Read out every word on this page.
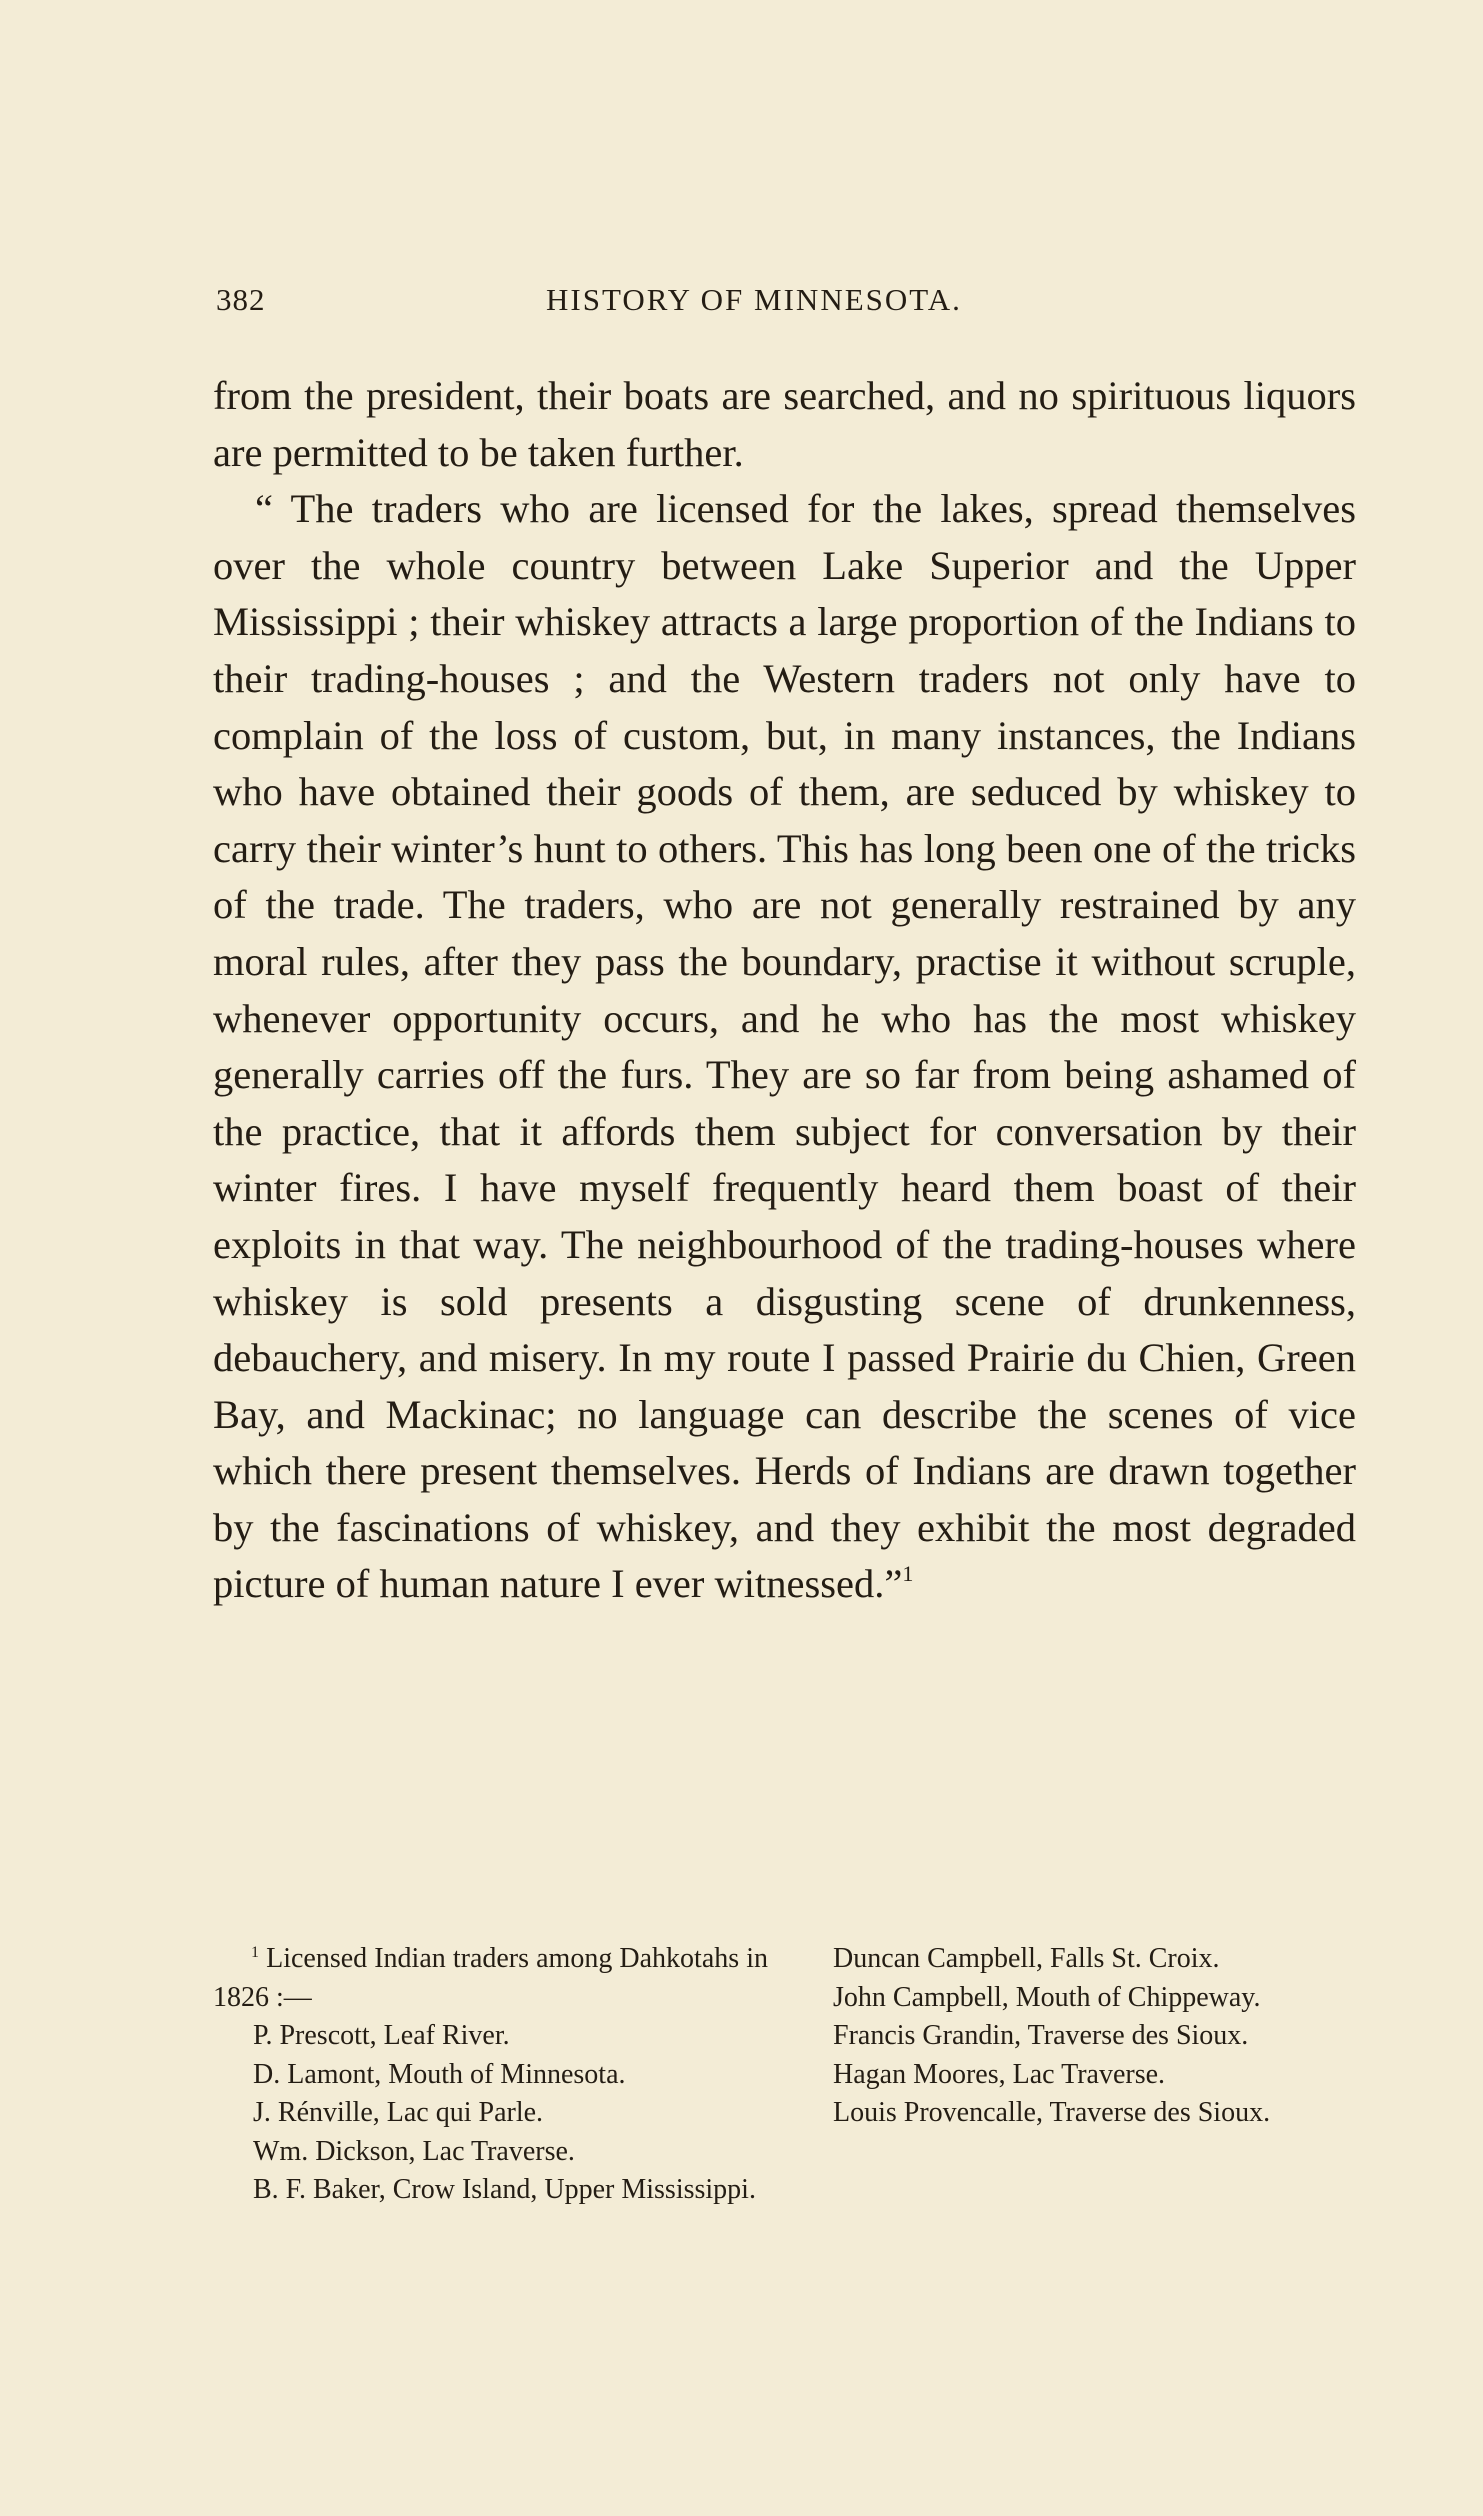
382	HISTORY OF MINNESOTA.

from the president, their boats are searched, and no spirituous liquors are permitted to be taken further.

“ The traders who are licensed for the lakes, spread themselves over the whole country between Lake Superior and the Upper Mississippi ; their whiskey attracts a large proportion of the Indians to their trading-houses ; and the Western traders not only have to complain of the loss of custom, but, in many instances, the Indians who have obtained their goods of them, are seduced by whiskey to carry their winter’s hunt to others. This has long been one of the tricks of the trade. The traders, who are not generally restrained by any moral rules, after they pass the boundary, practise it without scruple, whenever opportunity occurs, and he who has the most whiskey generally carries off the furs. They are so far from being ashamed of the practice, that it affords them subject for conversation by their winter fires. I have myself frequently heard them boast of their exploits in that way. The neighbourhood of the trading-houses where whiskey is sold presents a disgusting scene of drunkenness, debauchery, and misery. In my route I passed Prairie du Chien, Green Bay, and Mackinac; no language can describe the scenes of vice which there present themselves. Herds of Indians are drawn together by the fascinations of whiskey, and they exhibit the most degraded picture of human nature I ever witnessed.”$^1$

$^1$ Licensed Indian traders among Dahkotahs in 1826 :—

P. Prescott, Leaf River.

D. Lamont, Mouth of Minnesota.

J. Rénville, Lac qui Parle.

Wm. Dickson, Lac Traverse.

B. F. Baker, Crow Island, Upper Mississippi.

Duncan Campbell, Falls St. Croix.

John Campbell, Mouth of Chippeway.

Francis Grandin, Traverse des Sioux.

Hagan Moores, Lac Traverse.

Louis Provencalle, Traverse des Sioux.
